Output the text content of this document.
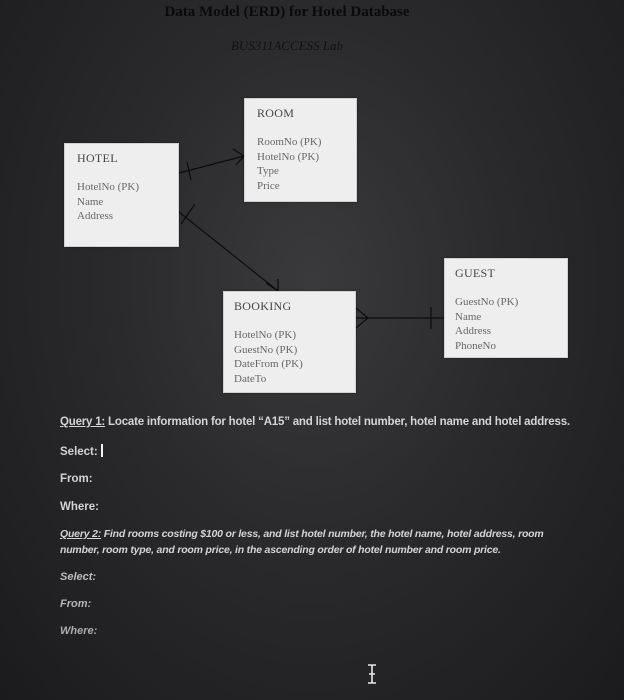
Data Model (ERD) for Hotel Database
BUS311ACCESS Lab
HOTEL
HotelNo (PK)
Name
Address
ROOM
RoomNo (PK)
HotelNo (PK)
Type
Price
BOOKING
HotelNo (PK)
GuestNo (PK)
DateFrom (PK)
DateTo
GUEST
GuestNo (PK)
Name
Address
PhoneNo
Query 1: Locate information for hotel “A15” and list hotel number, hotel name and hotel address.
Select:
From:
Where:
Query 2: Find rooms costing $100 or less, and list hotel number, the hotel name, hotel address, room
number, room type, and room price, in the ascending order of hotel number and room price.
Select:
From:
Where:
